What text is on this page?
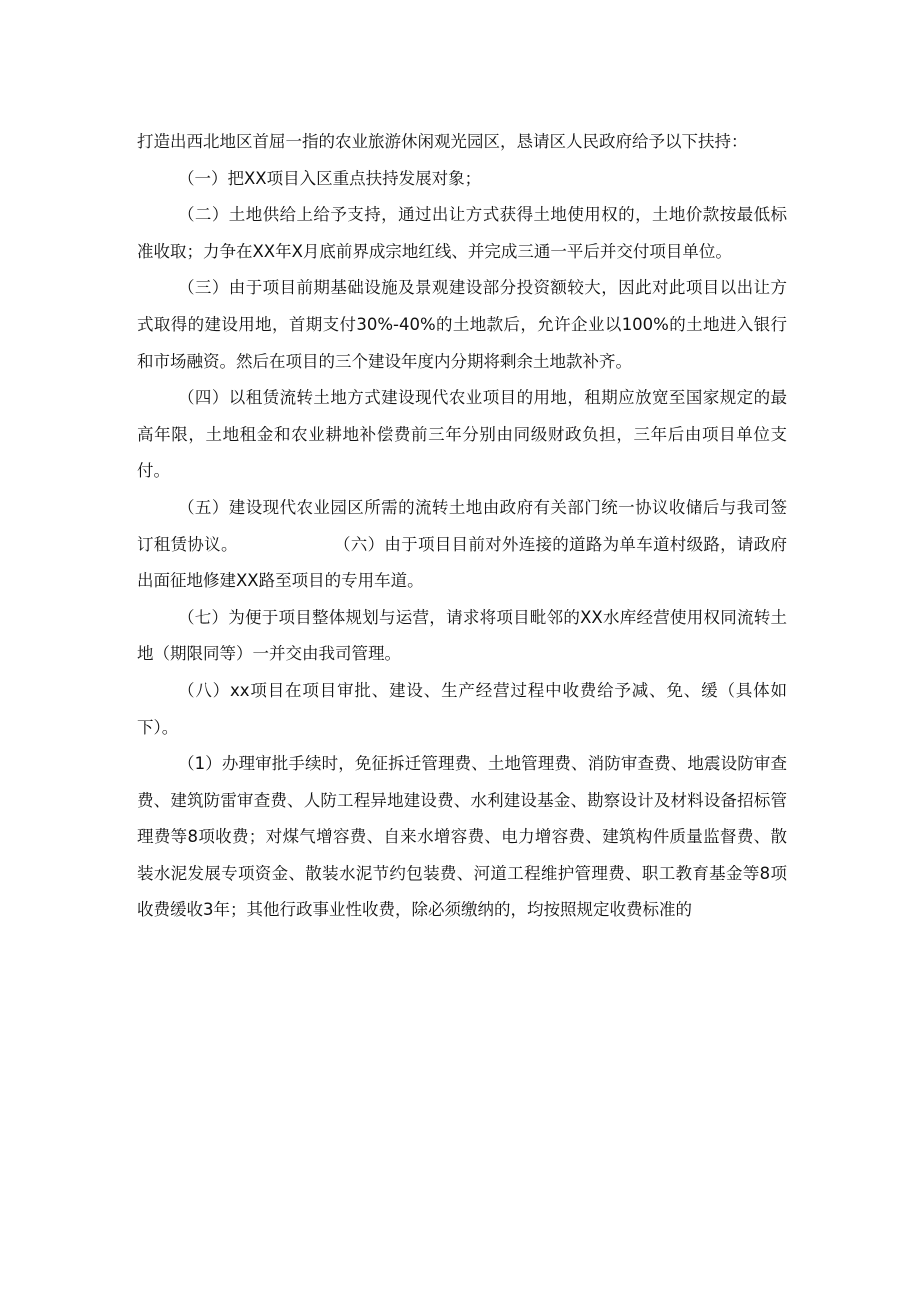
打造出西北地区首屈一指的农业旅游休闲观光园区，恳请区人民政府给予以下扶持：

（一）把XX项目入区重点扶持发展对象；

（二）土地供给上给予支持，通过出让方式获得土地使用权的，土地价款按最低标准收取；力争在XX年X月底前界成宗地红线、并完成三通一平后并交付项目单位。

（三）由于项目前期基础设施及景观建设部分投资额较大，因此对此项目以出让方式取得的建设用地，首期支付30%-40%的土地款后，允许企业以100%的土地进入银行和市场融资。然后在项目的三个建设年度内分期将剩余土地款补齐。

（四）以租赁流转土地方式建设现代农业项目的用地，租期应放宽至国家规定的最高年限，土地租金和农业耕地补偿费前三年分别由同级财政负担，三年后由项目单位支付。

（五）建设现代农业园区所需的流转土地由政府有关部门统一协议收储后与我司签订租赁协议。	（六）由于项目目前对外连接的道路为单车道村级路，请政府出面征地修建XX路至项目的专用车道。

（七）为便于项目整体规划与运营，请求将项目毗邻的XX水库经营使用权同流转土地（期限同等）一并交由我司管理。

（八）xx项目在项目审批、建设、生产经营过程中收费给予减、免、缓（具体如下）。

（1）办理审批手续时，免征拆迁管理费、土地管理费、消防审查费、地震设防审查费、建筑防雷审查费、人防工程异地建设费、水利建设基金、勘察设计及材料设备招标管理费等8项收费；对煤气增容费、自来水增容费、电力增容费、建筑构件质量监督费、散装水泥发展专项资金、散装水泥节约包装费、河道工程维护管理费、职工教育基金等8项收费缓收3年；其他行政事业性收费，除必须缴纳的，均按照规定收费标准的
